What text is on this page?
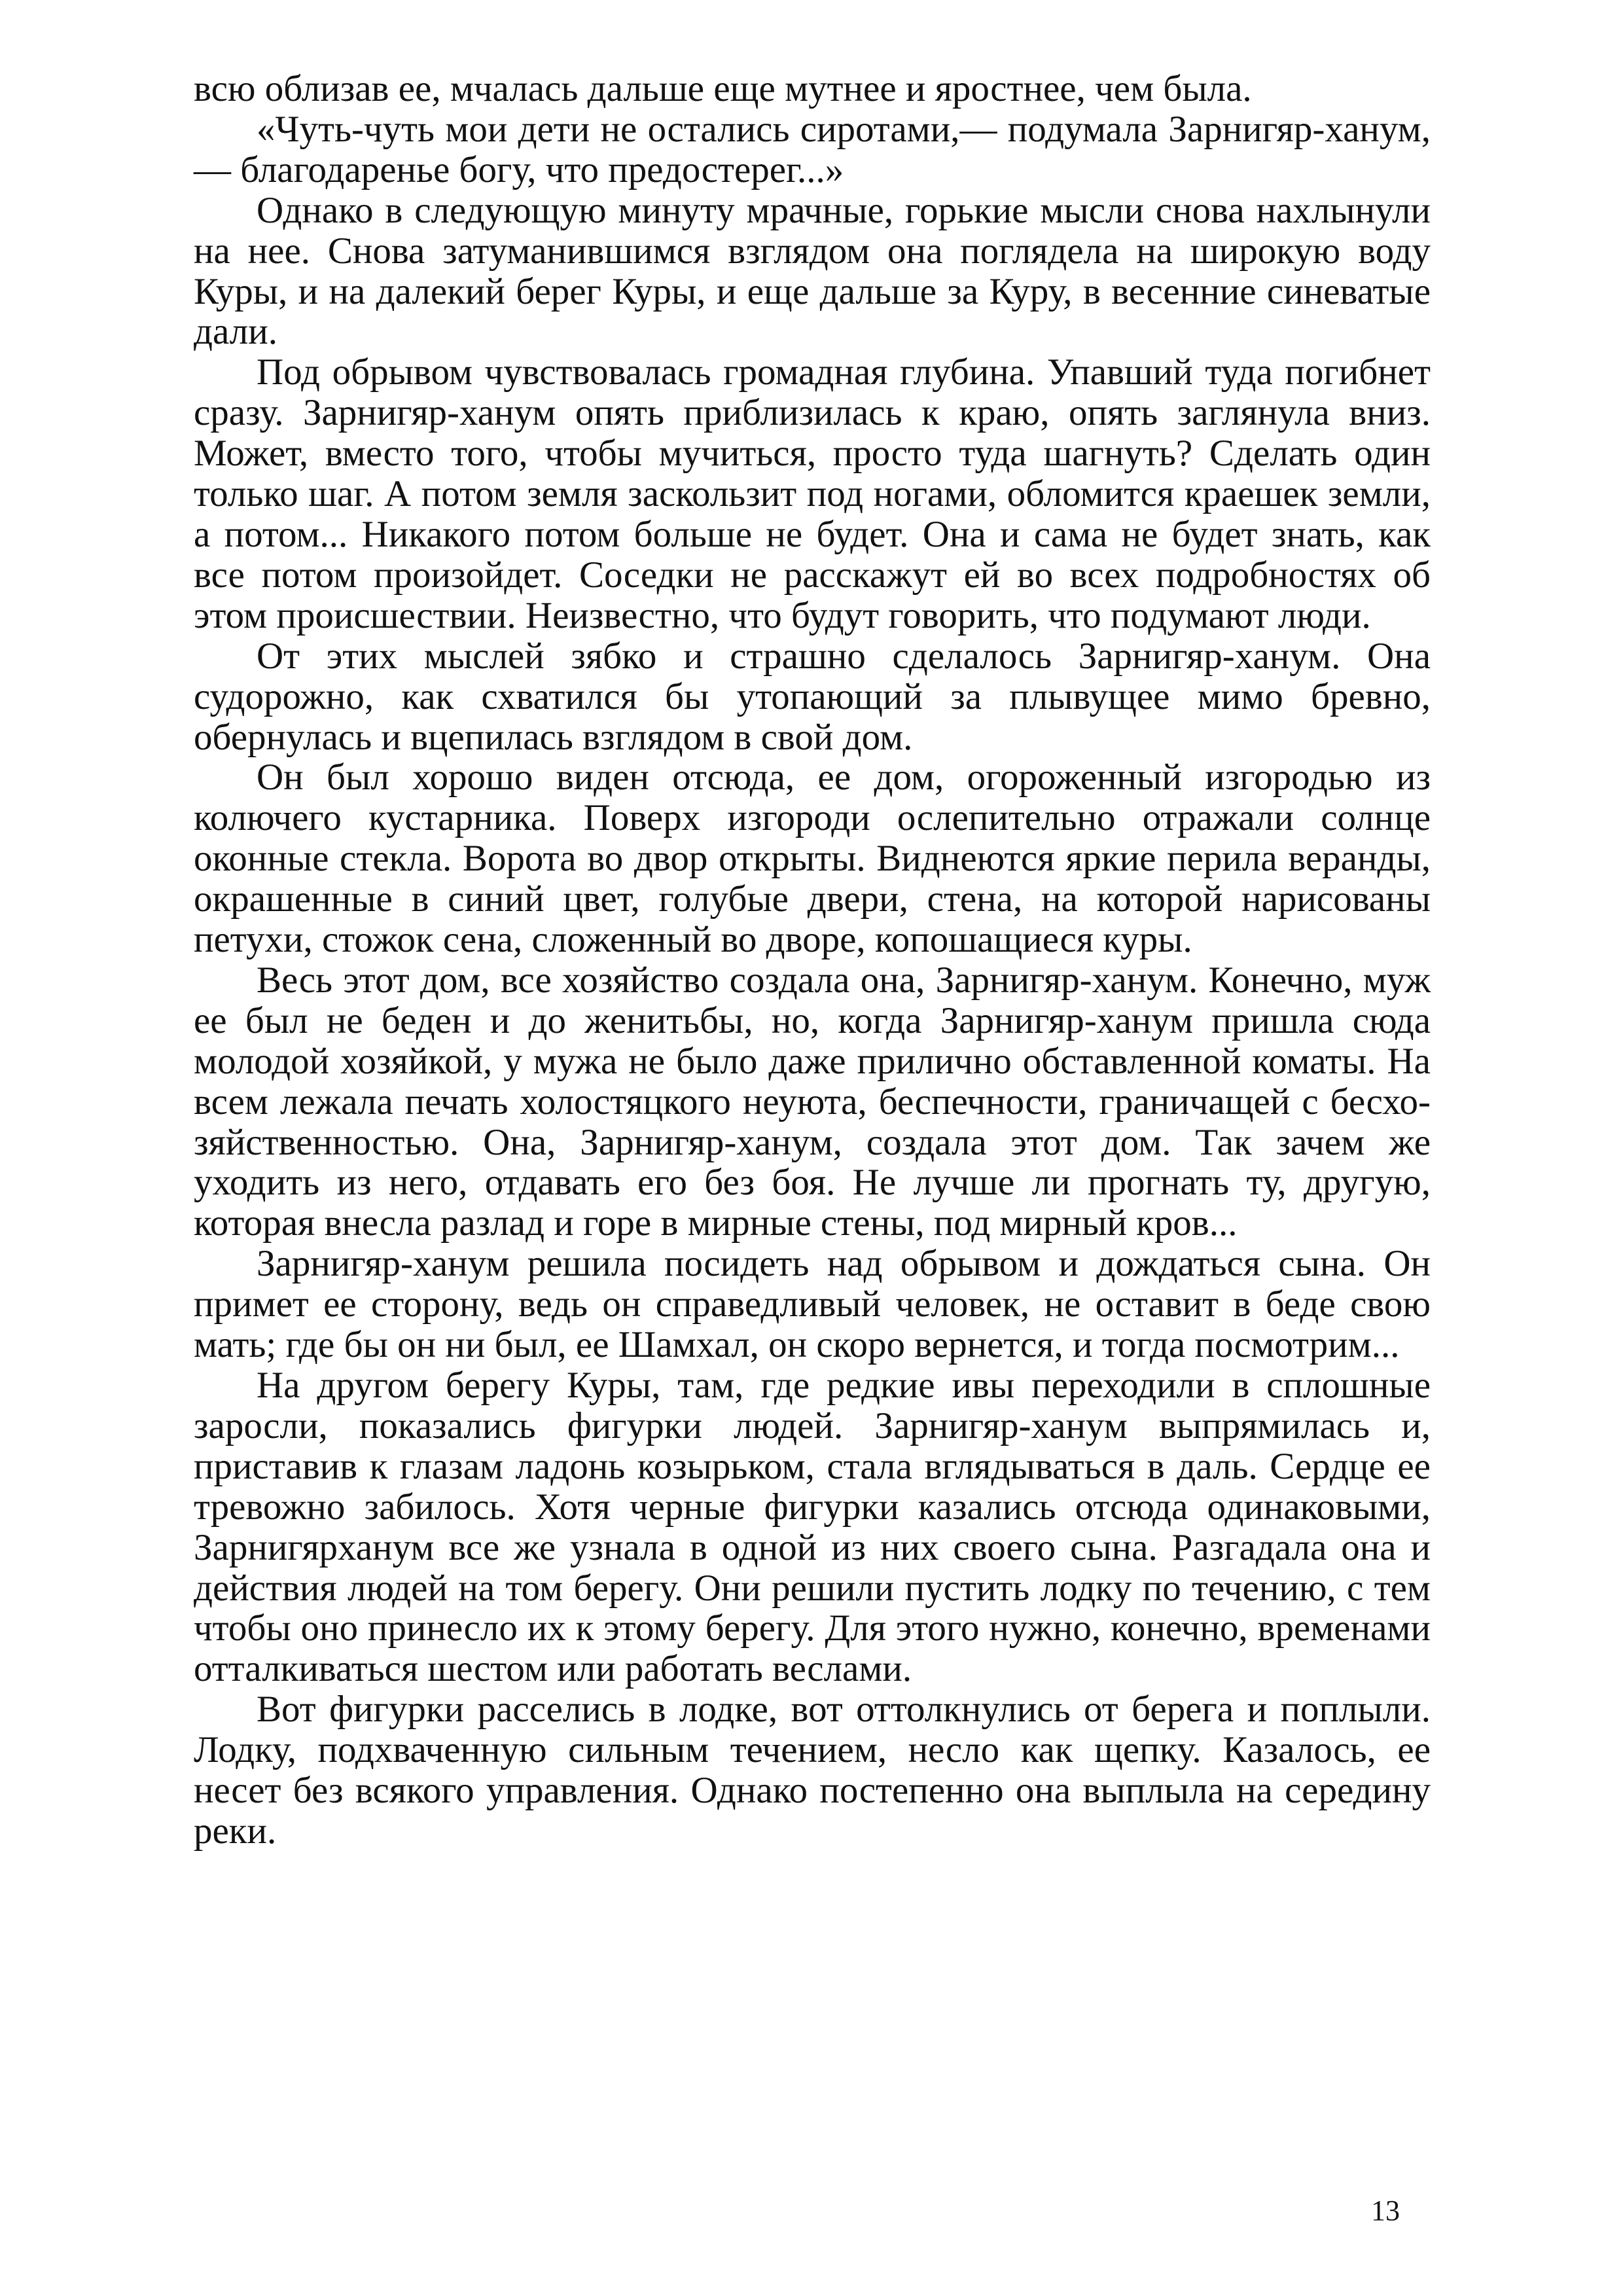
всю облизав ее, мчалась дальше еще мутнее и яростнее, чем была.

«Чуть-чуть мои дети не остались сиротами,— подумала Зарнигяр-ханум,— благодаренье богу, что предостерег...»

Однако в следующую минуту мрачные, горькие мысли снова нахлынули на нее. Снова затуманившимся взглядом она поглядела на широкую воду Куры, и на далекий берег Куры, и еще дальше за Куру, в весенние синеватые дали.

Под обрывом чувствовалась громадная глубина. Упавший туда погибнет сразу. Зарнигяр-ханум опять приблизилась к краю, опять заглянула вниз. Может, вместо того, чтобы мучиться, просто туда шагнуть? Сделать один только шаг. А потом земля заскользит под ногами, обломится краешек земли, а потом... Никакого потом больше не будет. Она и сама не будет знать, как все потом произойдет. Соседки не расскажут ей во всех подробностях об этом происшествии. Неизвестно, что будут говорить, что подумают люди.

От этих мыслей зябко и страшно сделалось Зарнигяр-ханум. Она судорожно, как схватился бы утопающий за плывущее мимо бревно, обернулась и вцепилась взглядом в свой дом.

Он был хорошо виден отсюда, ее дом, огороженный изгородью из колючего кустарника. Поверх изгороди ослепительно отражали солнце оконные стекла. Ворота во двор открыты. Виднеются яркие перила веранды, окрашенные в синий цвет, голубые двери, стена, на которой нарисованы петухи, стожок сена, сложенный во дворе, копошащиеся куры.

Весь этот дом, все хозяйство создала она, Зарнигяр-ханум. Конечно, муж ее был не беден и до женитьбы, но, когда Зарнигяр-ханум пришла сюда молодой хозяйкой, у мужа не было даже прилично обставленной коматы. На всем лежала печать холостяцкого неуюта, беспечности, граничащей с бесхозяйственностью. Она, Зарнигяр-ханум, создала этот дом. Так зачем же уходить из него, отдавать его без боя. Не лучше ли прогнать ту, другую, которая внесла разлад и горе в мирные стены, под мирный кров...

Зарнигяр-ханум решила посидеть над обрывом и дождаться сына. Он примет ее сторону, ведь он справедливый человек, не оставит в беде свою мать; где бы он ни был, ее Шамхал, он скоро вернется, и тогда посмотрим...

На другом берегу Куры, там, где редкие ивы переходили в сплошные заросли, показались фигурки людей. Зарнигяр-ханум выпрямилась и, приставив к глазам ладонь козырьком, стала вглядываться в даль. Сердце ее тревожно забилось. Хотя черные фигурки казались отсюда одинаковыми, Зарнигярханум все же узнала в одной из них своего сына. Разгадала она и действия людей на том берегу. Они решили пустить лодку по течению, с тем чтобы оно принесло их к этому берегу. Для этого нужно, конечно, временами отталкиваться шестом или работать веслами.

Вот фигурки расселись в лодке, вот оттолкнулись от берега и поплыли. Лодку, подхваченную сильным течением, несло как щепку. Казалось, ее несет без всякого управления. Однако постепенно она выплыла на середину реки.

13
